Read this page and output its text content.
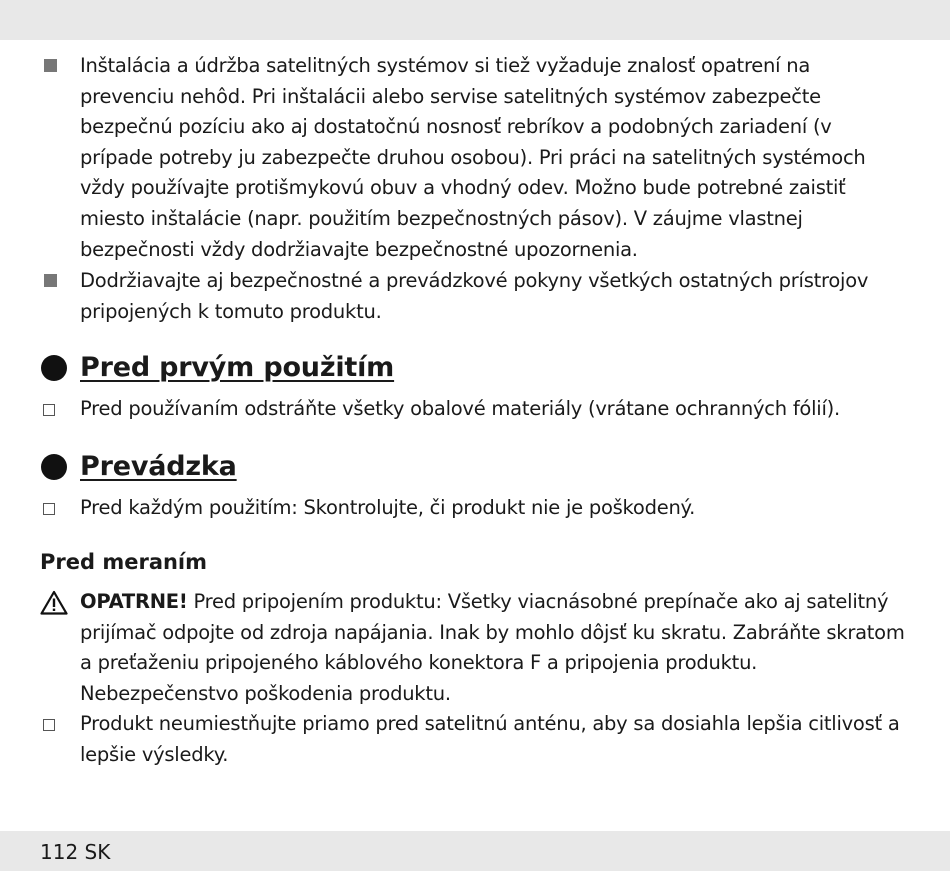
Inštalácia a údržba satelitných systémov si tiež vyžaduje znalosť opatrení na prevenciu nehôd. Pri inštalácii alebo servise satelitných systémov zabezpečte bezpečnú pozíciu ako aj dostatočnú nosnosť rebríkov a podobných zariadení (v prípade potreby ju zabezpečte druhou osobou). Pri práci na satelitných systémoch vždy používajte protišmykovú obuv a vhodný odev. Možno bude potrebné zaistiť miesto inštalácie (napr. použitím bezpečnostných pásov). V záujme vlastnej bezpečnosti vždy dodržiavajte bezpečnostné upozornenia.
Dodržiavajte aj bezpečnostné a prevádzkové pokyny všetkých ostatných prístrojov pripojených k tomuto produktu.
Pred prvým použitím
Pred používaním odstráňte všetky obalové materiály (vrátane ochranných fólií).
Prevádzka
Pred každým použitím: Skontrolujte, či produkt nie je poškodený.
Pred meraním
OPATRNE! Pred pripojením produktu: Všetky viacnásobné prepínače ako aj satelitný prijímač odpojte od zdroja napájania. Inak by mohlo dôjsť ku skratu. Zabráňte skratom a preťaženiu pripojeného káblového konektora F a pripojenia produktu. Nebezpečenstvo poškodenia produktu.
Produkt neumiestňujte priamo pred satelitnú anténu, aby sa dosiahla lepšia citlivosť a lepšie výsledky.
112 SK
